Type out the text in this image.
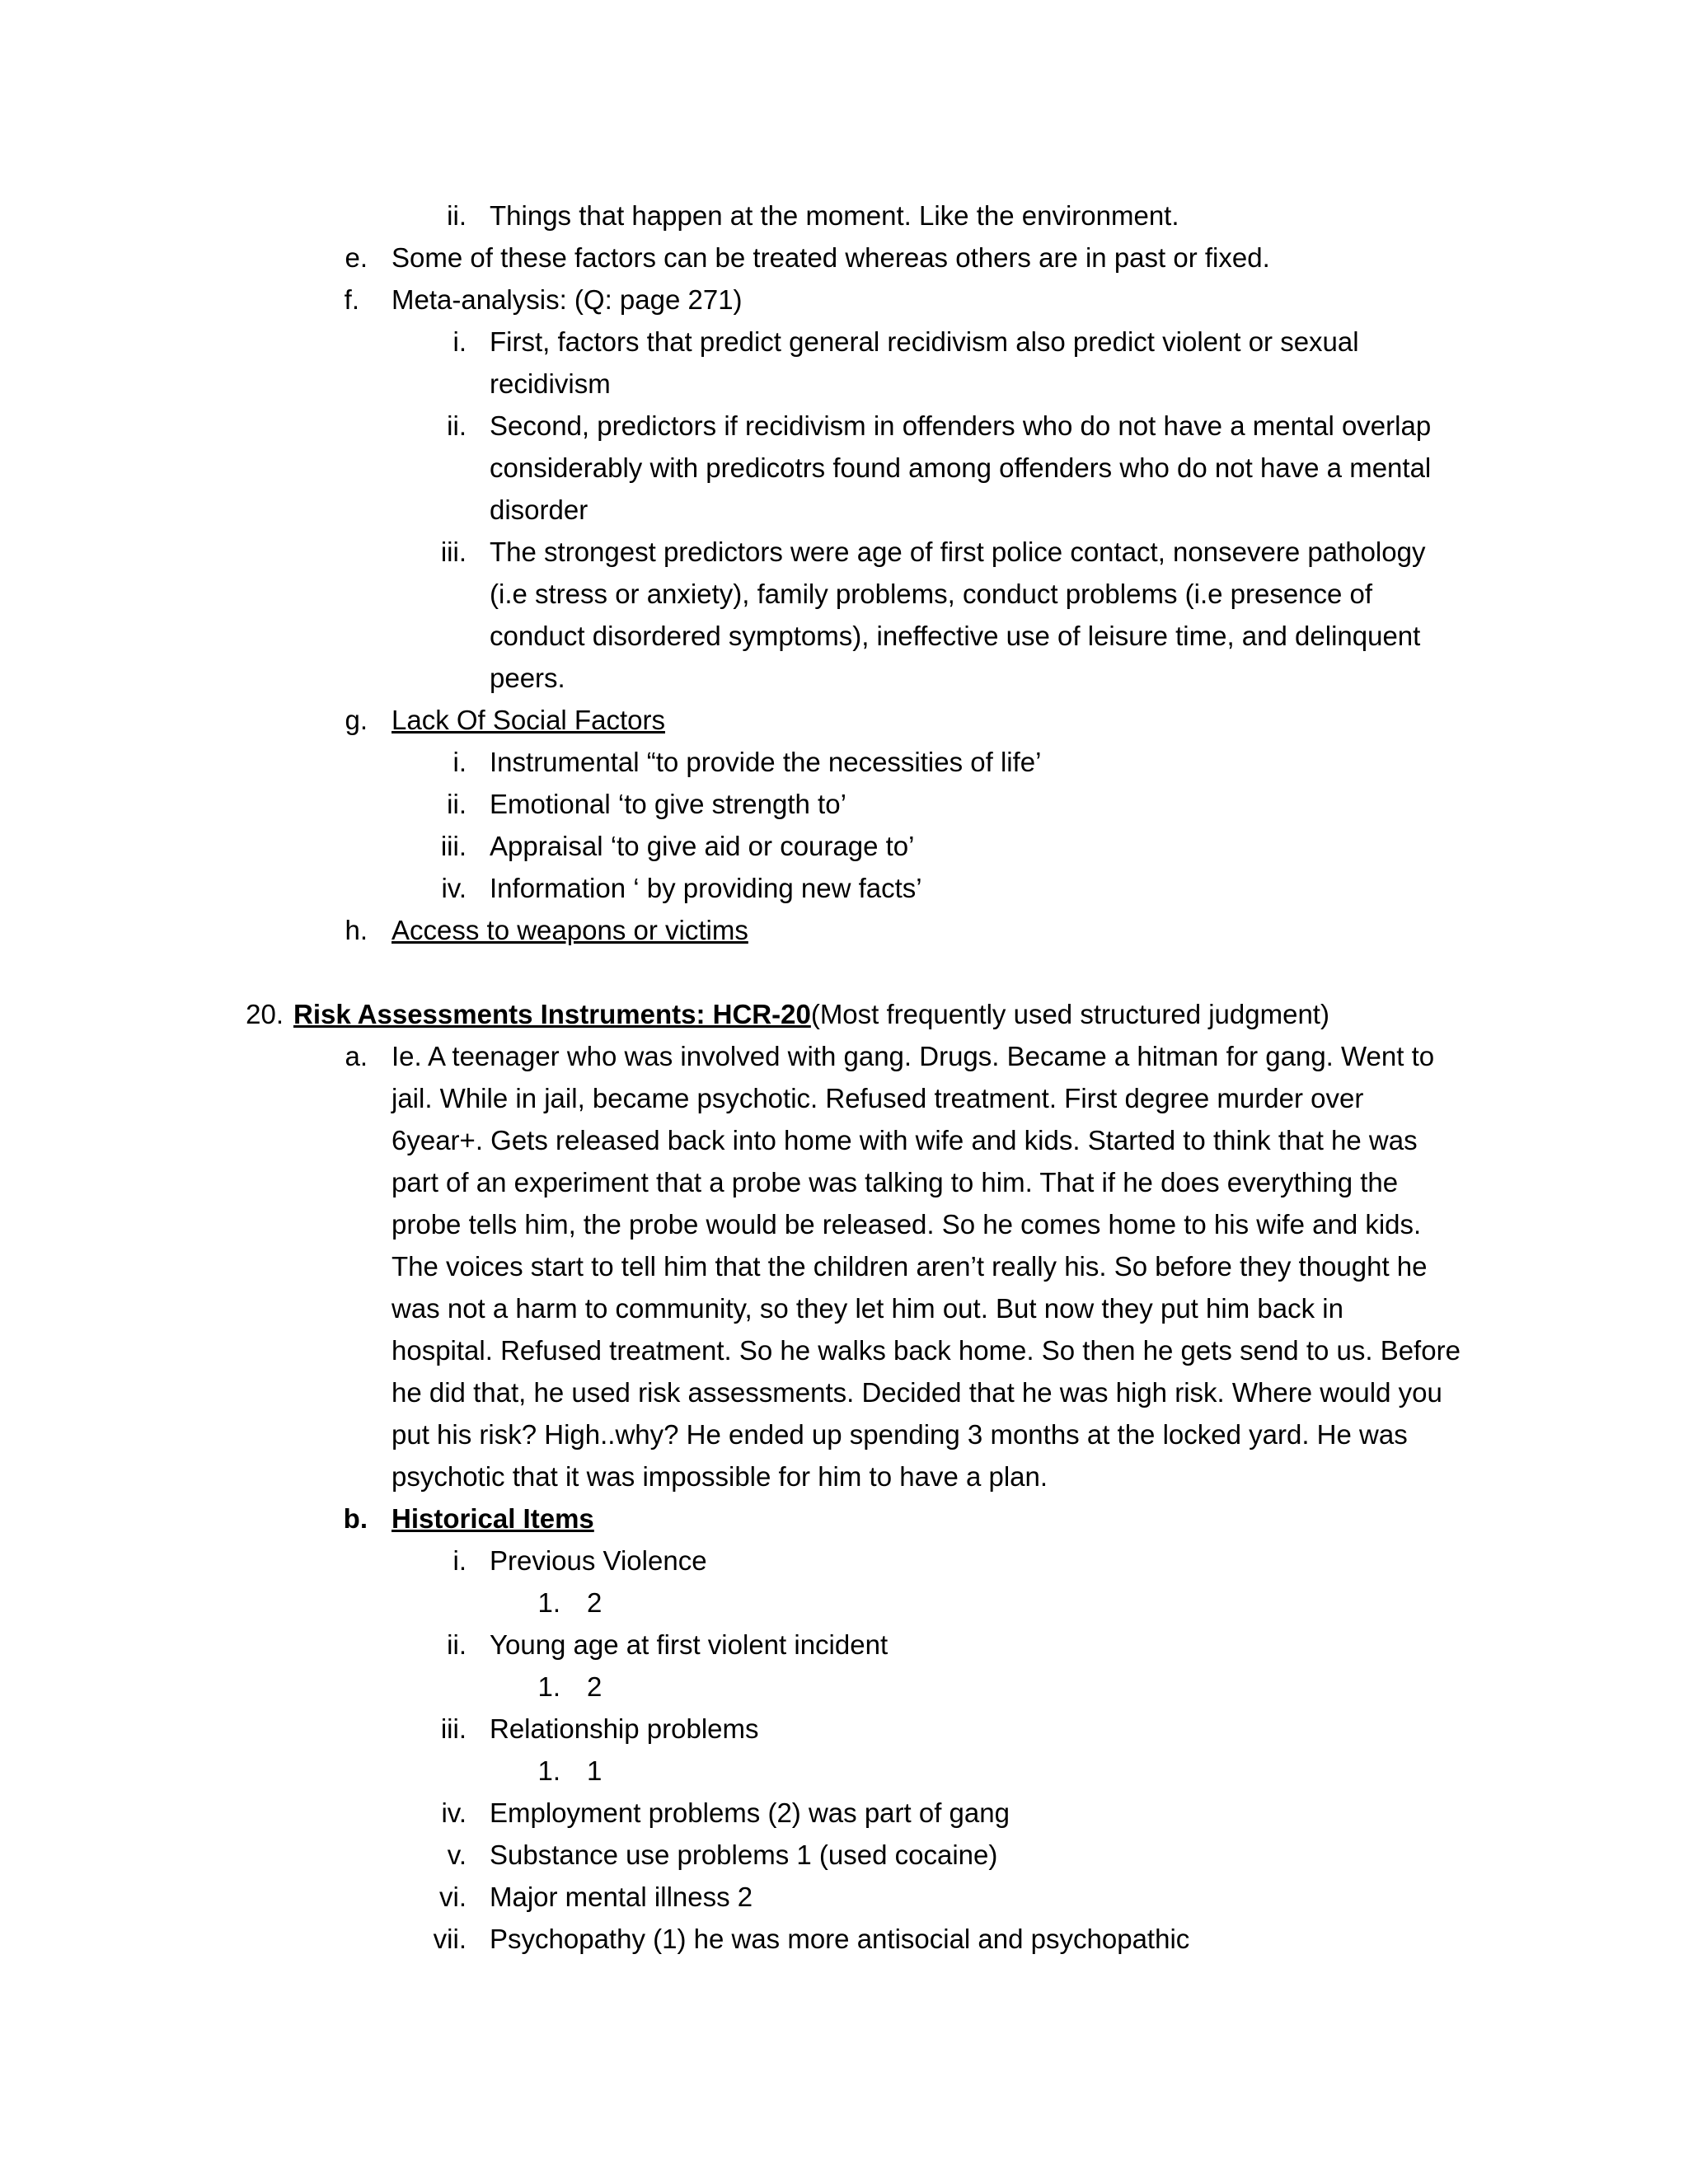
ii. Things that happen at the moment. Like the environment.
e. Some of these factors can be treated whereas others are in past or fixed.
f. Meta-analysis: (Q: page 271)
i. First, factors that predict general recidivism also predict violent or sexual
recidivism
ii. Second, predictors if recidivism in offenders who do not have a mental overlap
considerably with predicotrs found among offenders who do not have a mental
disorder
iii. The strongest predictors were age of first police contact, nonsevere pathology
(i.e stress or anxiety), family problems, conduct problems (i.e presence of
conduct disordered symptoms), ineffective use of leisure time, and delinquent
peers.
g. Lack Of Social Factors
i. Instrumental “to provide the necessities of life’
ii. Emotional ‘to give strength to’
iii. Appraisal ‘to give aid or courage to’
iv. Information ‘ by providing new facts’
h. Access to weapons or victims
20. Risk Assessments Instruments: HCR-20(Most frequently used structured judgment)
a. Ie. A teenager who was involved with gang. Drugs. Became a hitman for gang. Went to
jail. While in jail, became psychotic. Refused treatment. First degree murder over
6year+. Gets released back into home with wife and kids. Started to think that he was
part of an experiment that a probe was talking to him. That if he does everything the
probe tells him, the probe would be released. So he comes home to his wife and kids.
The voices start to tell him that the children aren’t really his. So before they thought he
was not a harm to community, so they let him out. But now they put him back in
hospital. Refused treatment. So he walks back home. So then he gets send to us. Before
he did that, he used risk assessments. Decided that he was high risk. Where would you
put his risk? High..why? He ended up spending 3 months at the locked yard. He was
psychotic that it was impossible for him to have a plan.
b. Historical Items
i. Previous Violence
1. 2
ii. Young age at first violent incident
1. 2
iii. Relationship problems
1. 1
iv. Employment problems (2) was part of gang
v. Substance use problems 1 (used cocaine)
vi. Major mental illness 2
vii. Psychopathy (1) he was more antisocial and psychopathic
